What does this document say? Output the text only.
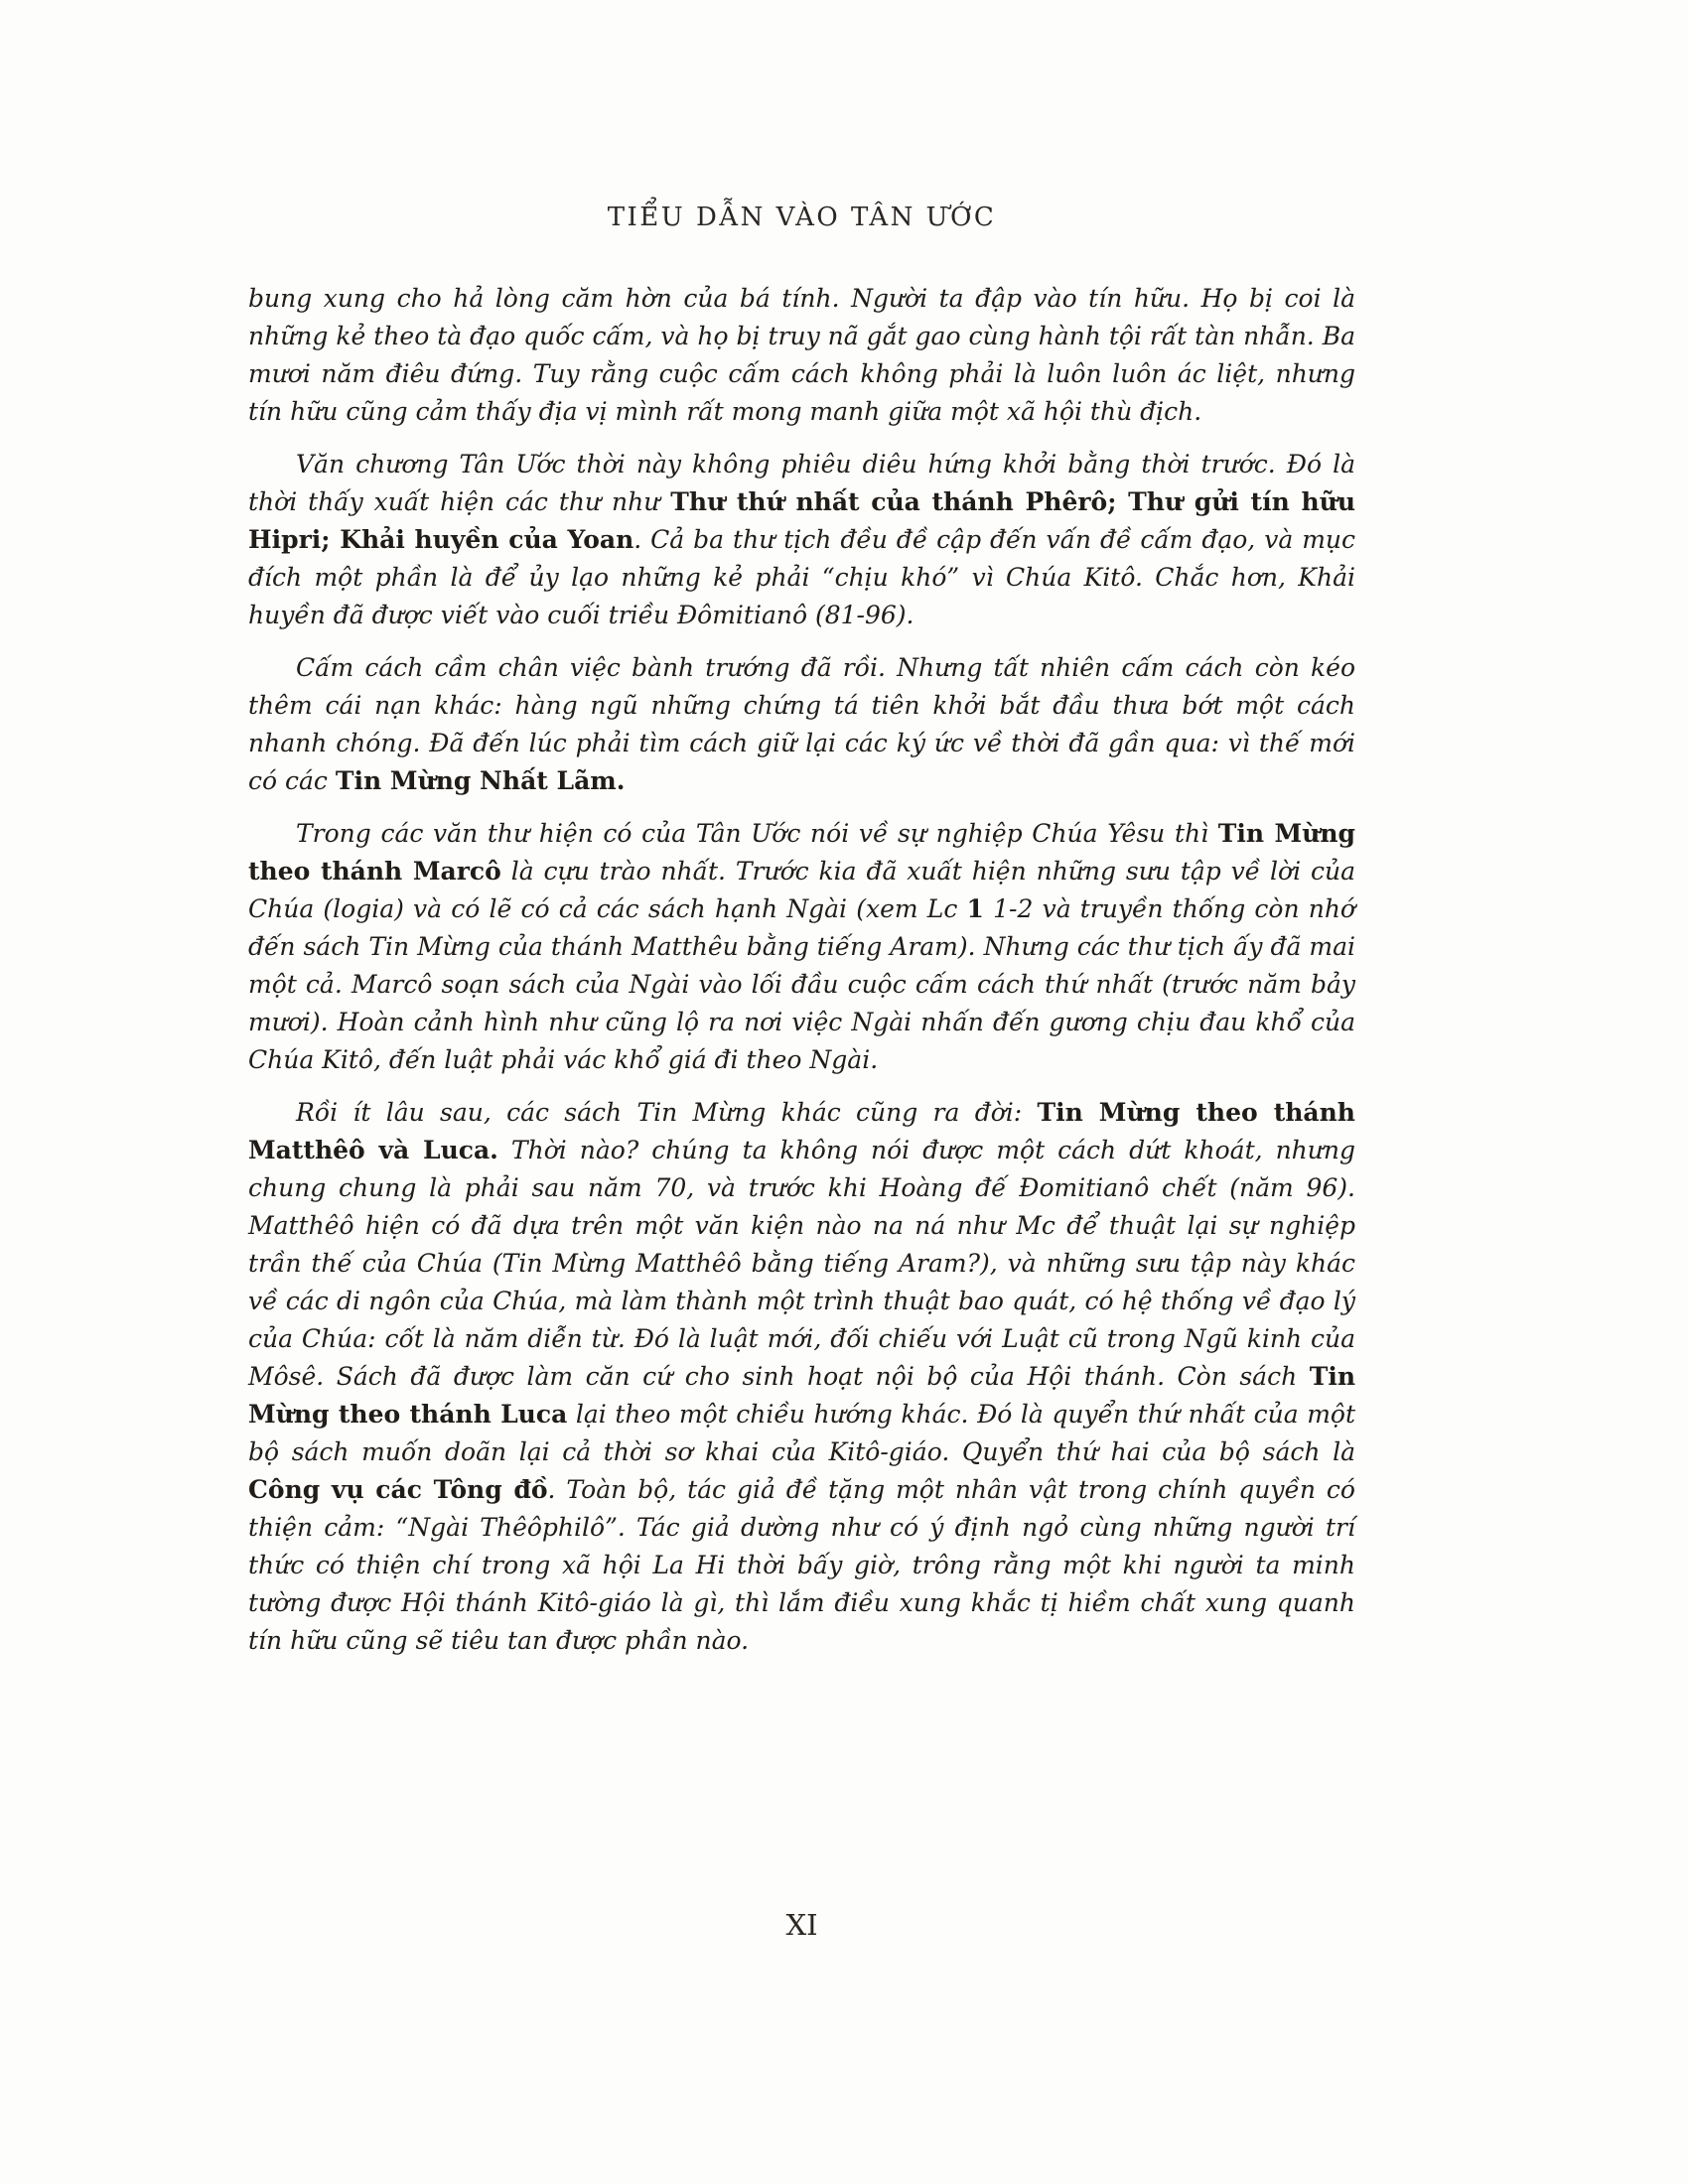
TIỂU DẪN VÀO TÂN ƯỚC

bung xung cho hả lòng căm hờn của bá tính. Người ta đập vào tín hữu. Họ bị coi là những kẻ theo tà đạo quốc cấm, và họ bị truy nã gắt gao cùng hành tội rất tàn nhẫn. Ba mươi năm điêu đứng. Tuy rằng cuộc cấm cách không phải là luôn luôn ác liệt, nhưng tín hữu cũng cảm thấy địa vị mình rất mong manh giữa một xã hội thù địch.

Văn chương Tân Ước thời này không phiêu diêu hứng khởi bằng thời trước. Đó là thời thấy xuất hiện các thư như Thư thứ nhất của thánh Phêrô; Thư gửi tín hữu Hipri; Khải huyền của Yoan. Cả ba thư tịch đều đề cập đến vấn đề cấm đạo, và mục đích một phần là để ủy lạo những kẻ phải “chịu khó” vì Chúa Kitô. Chắc hơn, Khải huyền đã được viết vào cuối triều Đômitianô (81-96).

Cấm cách cầm chân việc bành trướng đã rồi. Nhưng tất nhiên cấm cách còn kéo thêm cái nạn khác: hàng ngũ những chứng tá tiên khởi bắt đầu thưa bớt một cách nhanh chóng. Đã đến lúc phải tìm cách giữ lại các ký ức về thời đã gần qua: vì thế mới có các Tin Mừng Nhất Lãm.

Trong các văn thư hiện có của Tân Ước nói về sự nghiệp Chúa Yêsu thì Tin Mừng theo thánh Marcô là cựu trào nhất. Trước kia đã xuất hiện những sưu tập về lời của Chúa (logia) và có lẽ có cả các sách hạnh Ngài (xem Lc 1 1-2 và truyền thống còn nhớ đến sách Tin Mừng của thánh Matthêu bằng tiếng Aram). Nhưng các thư tịch ấy đã mai một cả. Marcô soạn sách của Ngài vào lối đầu cuộc cấm cách thứ nhất (trước năm bảy mươi). Hoàn cảnh hình như cũng lộ ra nơi việc Ngài nhấn đến gương chịu đau khổ của Chúa Kitô, đến luật phải vác khổ giá đi theo Ngài.

Rồi ít lâu sau, các sách Tin Mừng khác cũng ra đời: Tin Mừng theo thánh Matthêô và Luca. Thời nào? chúng ta không nói được một cách dứt khoát, nhưng chung chung là phải sau năm 70, và trước khi Hoàng đế Đomitianô chết (năm 96). Matthêô hiện có đã dựa trên một văn kiện nào na ná như Mc để thuật lại sự nghiệp trần thế của Chúa (Tin Mừng Matthêô bằng tiếng Aram?), và những sưu tập này khác về các di ngôn của Chúa, mà làm thành một trình thuật bao quát, có hệ thống về đạo lý của Chúa: cốt là năm diễn từ. Đó là luật mới, đối chiếu với Luật cũ trong Ngũ kinh của Môsê. Sách đã được làm căn cứ cho sinh hoạt nội bộ của Hội thánh. Còn sách Tin Mừng theo thánh Luca lại theo một chiều hướng khác. Đó là quyển thứ nhất của một bộ sách muốn doãn lại cả thời sơ khai của Kitô-giáo. Quyển thứ hai của bộ sách là Công vụ các Tông đồ. Toàn bộ, tác giả đề tặng một nhân vật trong chính quyền có thiện cảm: “Ngài Thêôphilô”. Tác giả dường như có ý định ngỏ cùng những người trí thức có thiện chí trong xã hội La Hi thời bấy giờ, trông rằng một khi người ta minh tường được Hội thánh Kitô-giáo là gì, thì lắm điều xung khắc tị hiềm chất xung quanh tín hữu cũng sẽ tiêu tan được phần nào.

XI
